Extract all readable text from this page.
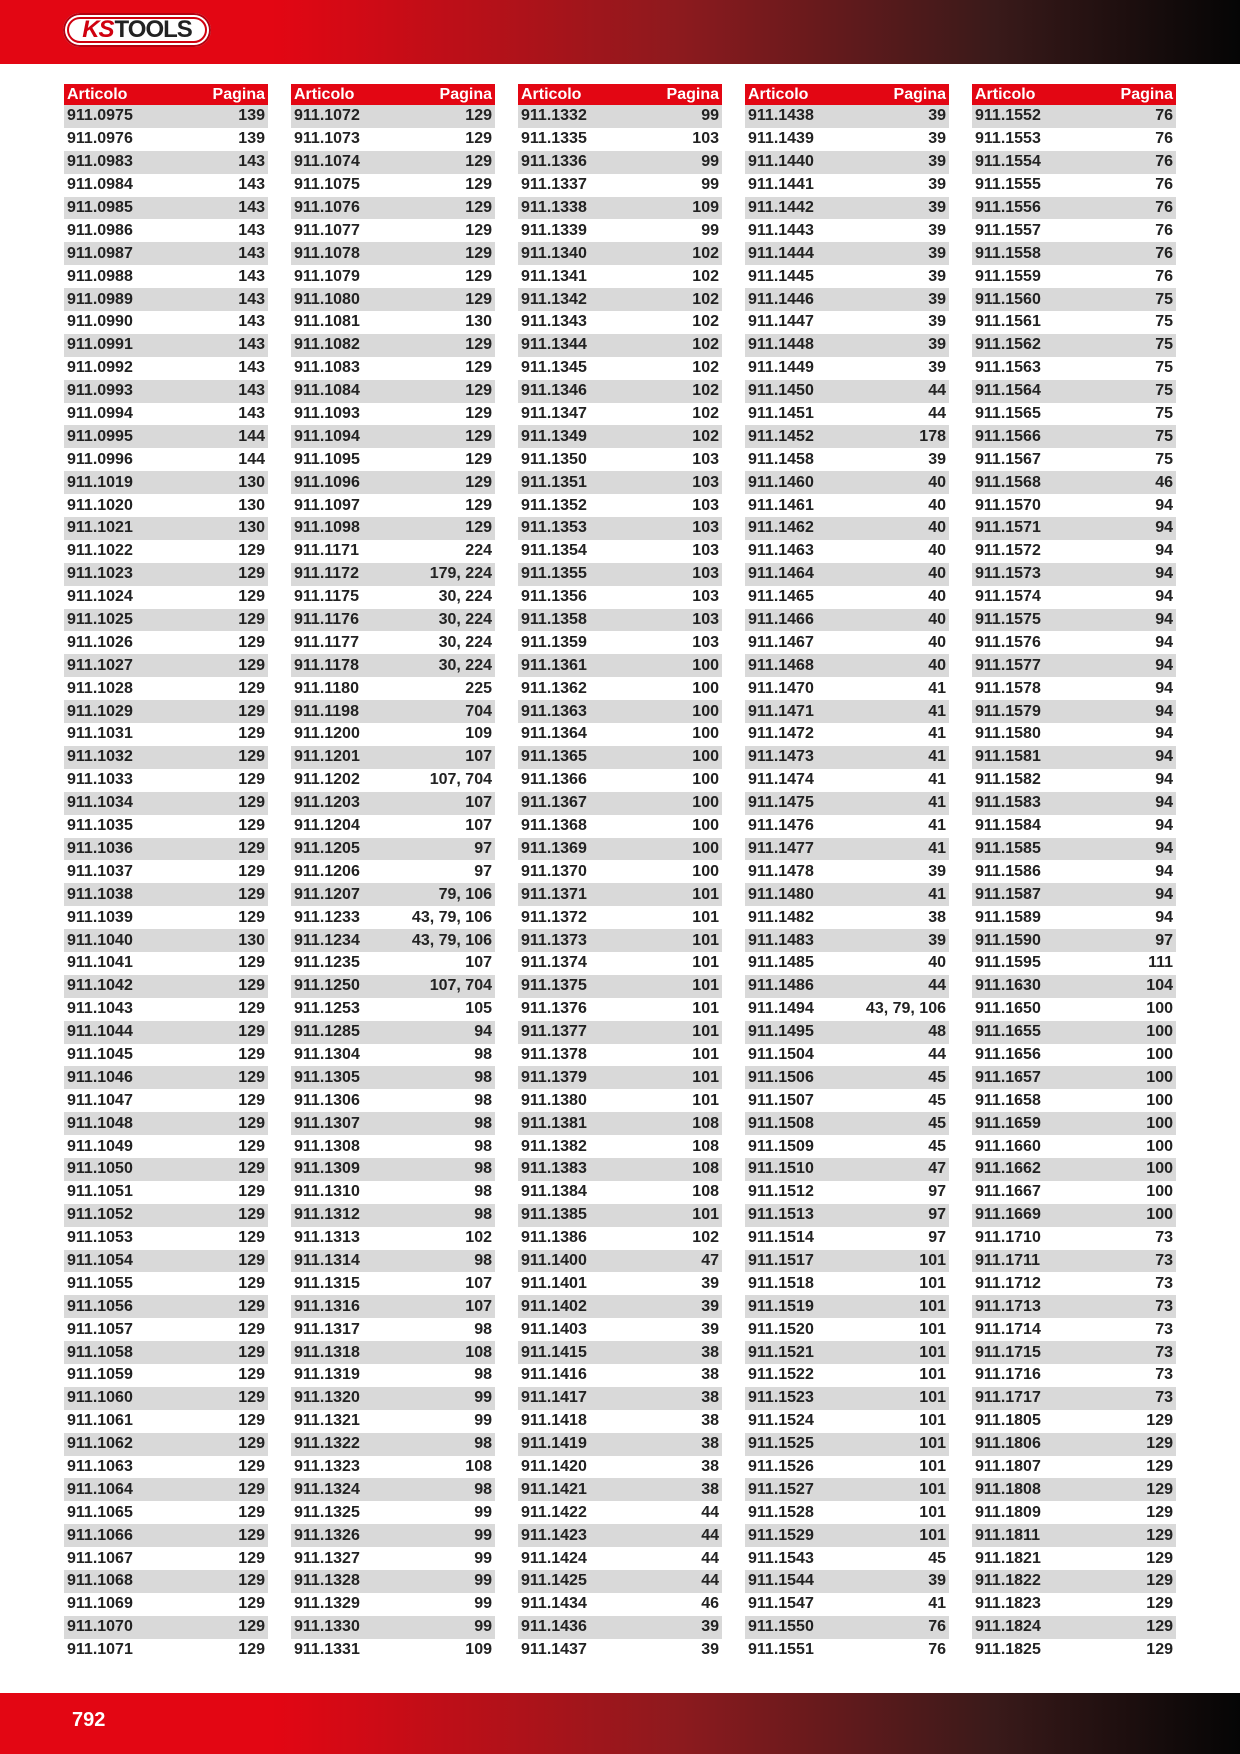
KS TOOLS
Articolo	Pagina
911.0975	139
911.0976	139
911.0983	143
911.0984	143
911.0985	143
911.0986	143
911.0987	143
911.0988	143
911.0989	143
911.0990	143
911.0991	143
911.0992	143
911.0993	143
911.0994	143
911.0995	144
911.0996	144
911.1019	130
911.1020	130
911.1021	130
911.1022	129
911.1023	129
911.1024	129
911.1025	129
911.1026	129
911.1027	129
911.1028	129
911.1029	129
911.1031	129
911.1032	129
911.1033	129
911.1034	129
911.1035	129
911.1036	129
911.1037	129
911.1038	129
911.1039	129
911.1040	130
911.1041	129
911.1042	129
911.1043	129
911.1044	129
911.1045	129
911.1046	129
911.1047	129
911.1048	129
911.1049	129
911.1050	129
911.1051	129
911.1052	129
911.1053	129
911.1054	129
911.1055	129
911.1056	129
911.1057	129
911.1058	129
911.1059	129
911.1060	129
911.1061	129
911.1062	129
911.1063	129
911.1064	129
911.1065	129
911.1066	129
911.1067	129
911.1068	129
911.1069	129
911.1070	129
911.1071	129
Articolo	Pagina
911.1072	129
911.1073	129
911.1074	129
911.1075	129
911.1076	129
911.1077	129
911.1078	129
911.1079	129
911.1080	129
911.1081	130
911.1082	129
911.1083	129
911.1084	129
911.1093	129
911.1094	129
911.1095	129
911.1096	129
911.1097	129
911.1098	129
911.1171	224
911.1172	179, 224
911.1175	30, 224
911.1176	30, 224
911.1177	30, 224
911.1178	30, 224
911.1180	225
911.1198	704
911.1200	109
911.1201	107
911.1202	107, 704
911.1203	107
911.1204	107
911.1205	97
911.1206	97
911.1207	79, 106
911.1233	43, 79, 106
911.1234	43, 79, 106
911.1235	107
911.1250	107, 704
911.1253	105
911.1285	94
911.1304	98
911.1305	98
911.1306	98
911.1307	98
911.1308	98
911.1309	98
911.1310	98
911.1312	98
911.1313	102
911.1314	98
911.1315	107
911.1316	107
911.1317	98
911.1318	108
911.1319	98
911.1320	99
911.1321	99
911.1322	98
911.1323	108
911.1324	98
911.1325	99
911.1326	99
911.1327	99
911.1328	99
911.1329	99
911.1330	99
911.1331	109
Articolo	Pagina
911.1332	99
911.1335	103
911.1336	99
911.1337	99
911.1338	109
911.1339	99
911.1340	102
911.1341	102
911.1342	102
911.1343	102
911.1344	102
911.1345	102
911.1346	102
911.1347	102
911.1349	102
911.1350	103
911.1351	103
911.1352	103
911.1353	103
911.1354	103
911.1355	103
911.1356	103
911.1358	103
911.1359	103
911.1361	100
911.1362	100
911.1363	100
911.1364	100
911.1365	100
911.1366	100
911.1367	100
911.1368	100
911.1369	100
911.1370	100
911.1371	101
911.1372	101
911.1373	101
911.1374	101
911.1375	101
911.1376	101
911.1377	101
911.1378	101
911.1379	101
911.1380	101
911.1381	108
911.1382	108
911.1383	108
911.1384	108
911.1385	101
911.1386	102
911.1400	47
911.1401	39
911.1402	39
911.1403	39
911.1415	38
911.1416	38
911.1417	38
911.1418	38
911.1419	38
911.1420	38
911.1421	38
911.1422	44
911.1423	44
911.1424	44
911.1425	44
911.1434	46
911.1436	39
911.1437	39
Articolo	Pagina
911.1438	39
911.1439	39
911.1440	39
911.1441	39
911.1442	39
911.1443	39
911.1444	39
911.1445	39
911.1446	39
911.1447	39
911.1448	39
911.1449	39
911.1450	44
911.1451	44
911.1452	178
911.1458	39
911.1460	40
911.1461	40
911.1462	40
911.1463	40
911.1464	40
911.1465	40
911.1466	40
911.1467	40
911.1468	40
911.1470	41
911.1471	41
911.1472	41
911.1473	41
911.1474	41
911.1475	41
911.1476	41
911.1477	41
911.1478	39
911.1480	41
911.1482	38
911.1483	39
911.1485	40
911.1486	44
911.1494	43, 79, 106
911.1495	48
911.1504	44
911.1506	45
911.1507	45
911.1508	45
911.1509	45
911.1510	47
911.1512	97
911.1513	97
911.1514	97
911.1517	101
911.1518	101
911.1519	101
911.1520	101
911.1521	101
911.1522	101
911.1523	101
911.1524	101
911.1525	101
911.1526	101
911.1527	101
911.1528	101
911.1529	101
911.1543	45
911.1544	39
911.1547	41
911.1550	76
911.1551	76
Articolo	Pagina
911.1552	76
911.1553	76
911.1554	76
911.1555	76
911.1556	76
911.1557	76
911.1558	76
911.1559	76
911.1560	75
911.1561	75
911.1562	75
911.1563	75
911.1564	75
911.1565	75
911.1566	75
911.1567	75
911.1568	46
911.1570	94
911.1571	94
911.1572	94
911.1573	94
911.1574	94
911.1575	94
911.1576	94
911.1577	94
911.1578	94
911.1579	94
911.1580	94
911.1581	94
911.1582	94
911.1583	94
911.1584	94
911.1585	94
911.1586	94
911.1587	94
911.1589	94
911.1590	97
911.1595	111
911.1630	104
911.1650	100
911.1655	100
911.1656	100
911.1657	100
911.1658	100
911.1659	100
911.1660	100
911.1662	100
911.1667	100
911.1669	100
911.1710	73
911.1711	73
911.1712	73
911.1713	73
911.1714	73
911.1715	73
911.1716	73
911.1717	73
911.1805	129
911.1806	129
911.1807	129
911.1808	129
911.1809	129
911.1811	129
911.1821	129
911.1822	129
911.1823	129
911.1824	129
911.1825	129
792
